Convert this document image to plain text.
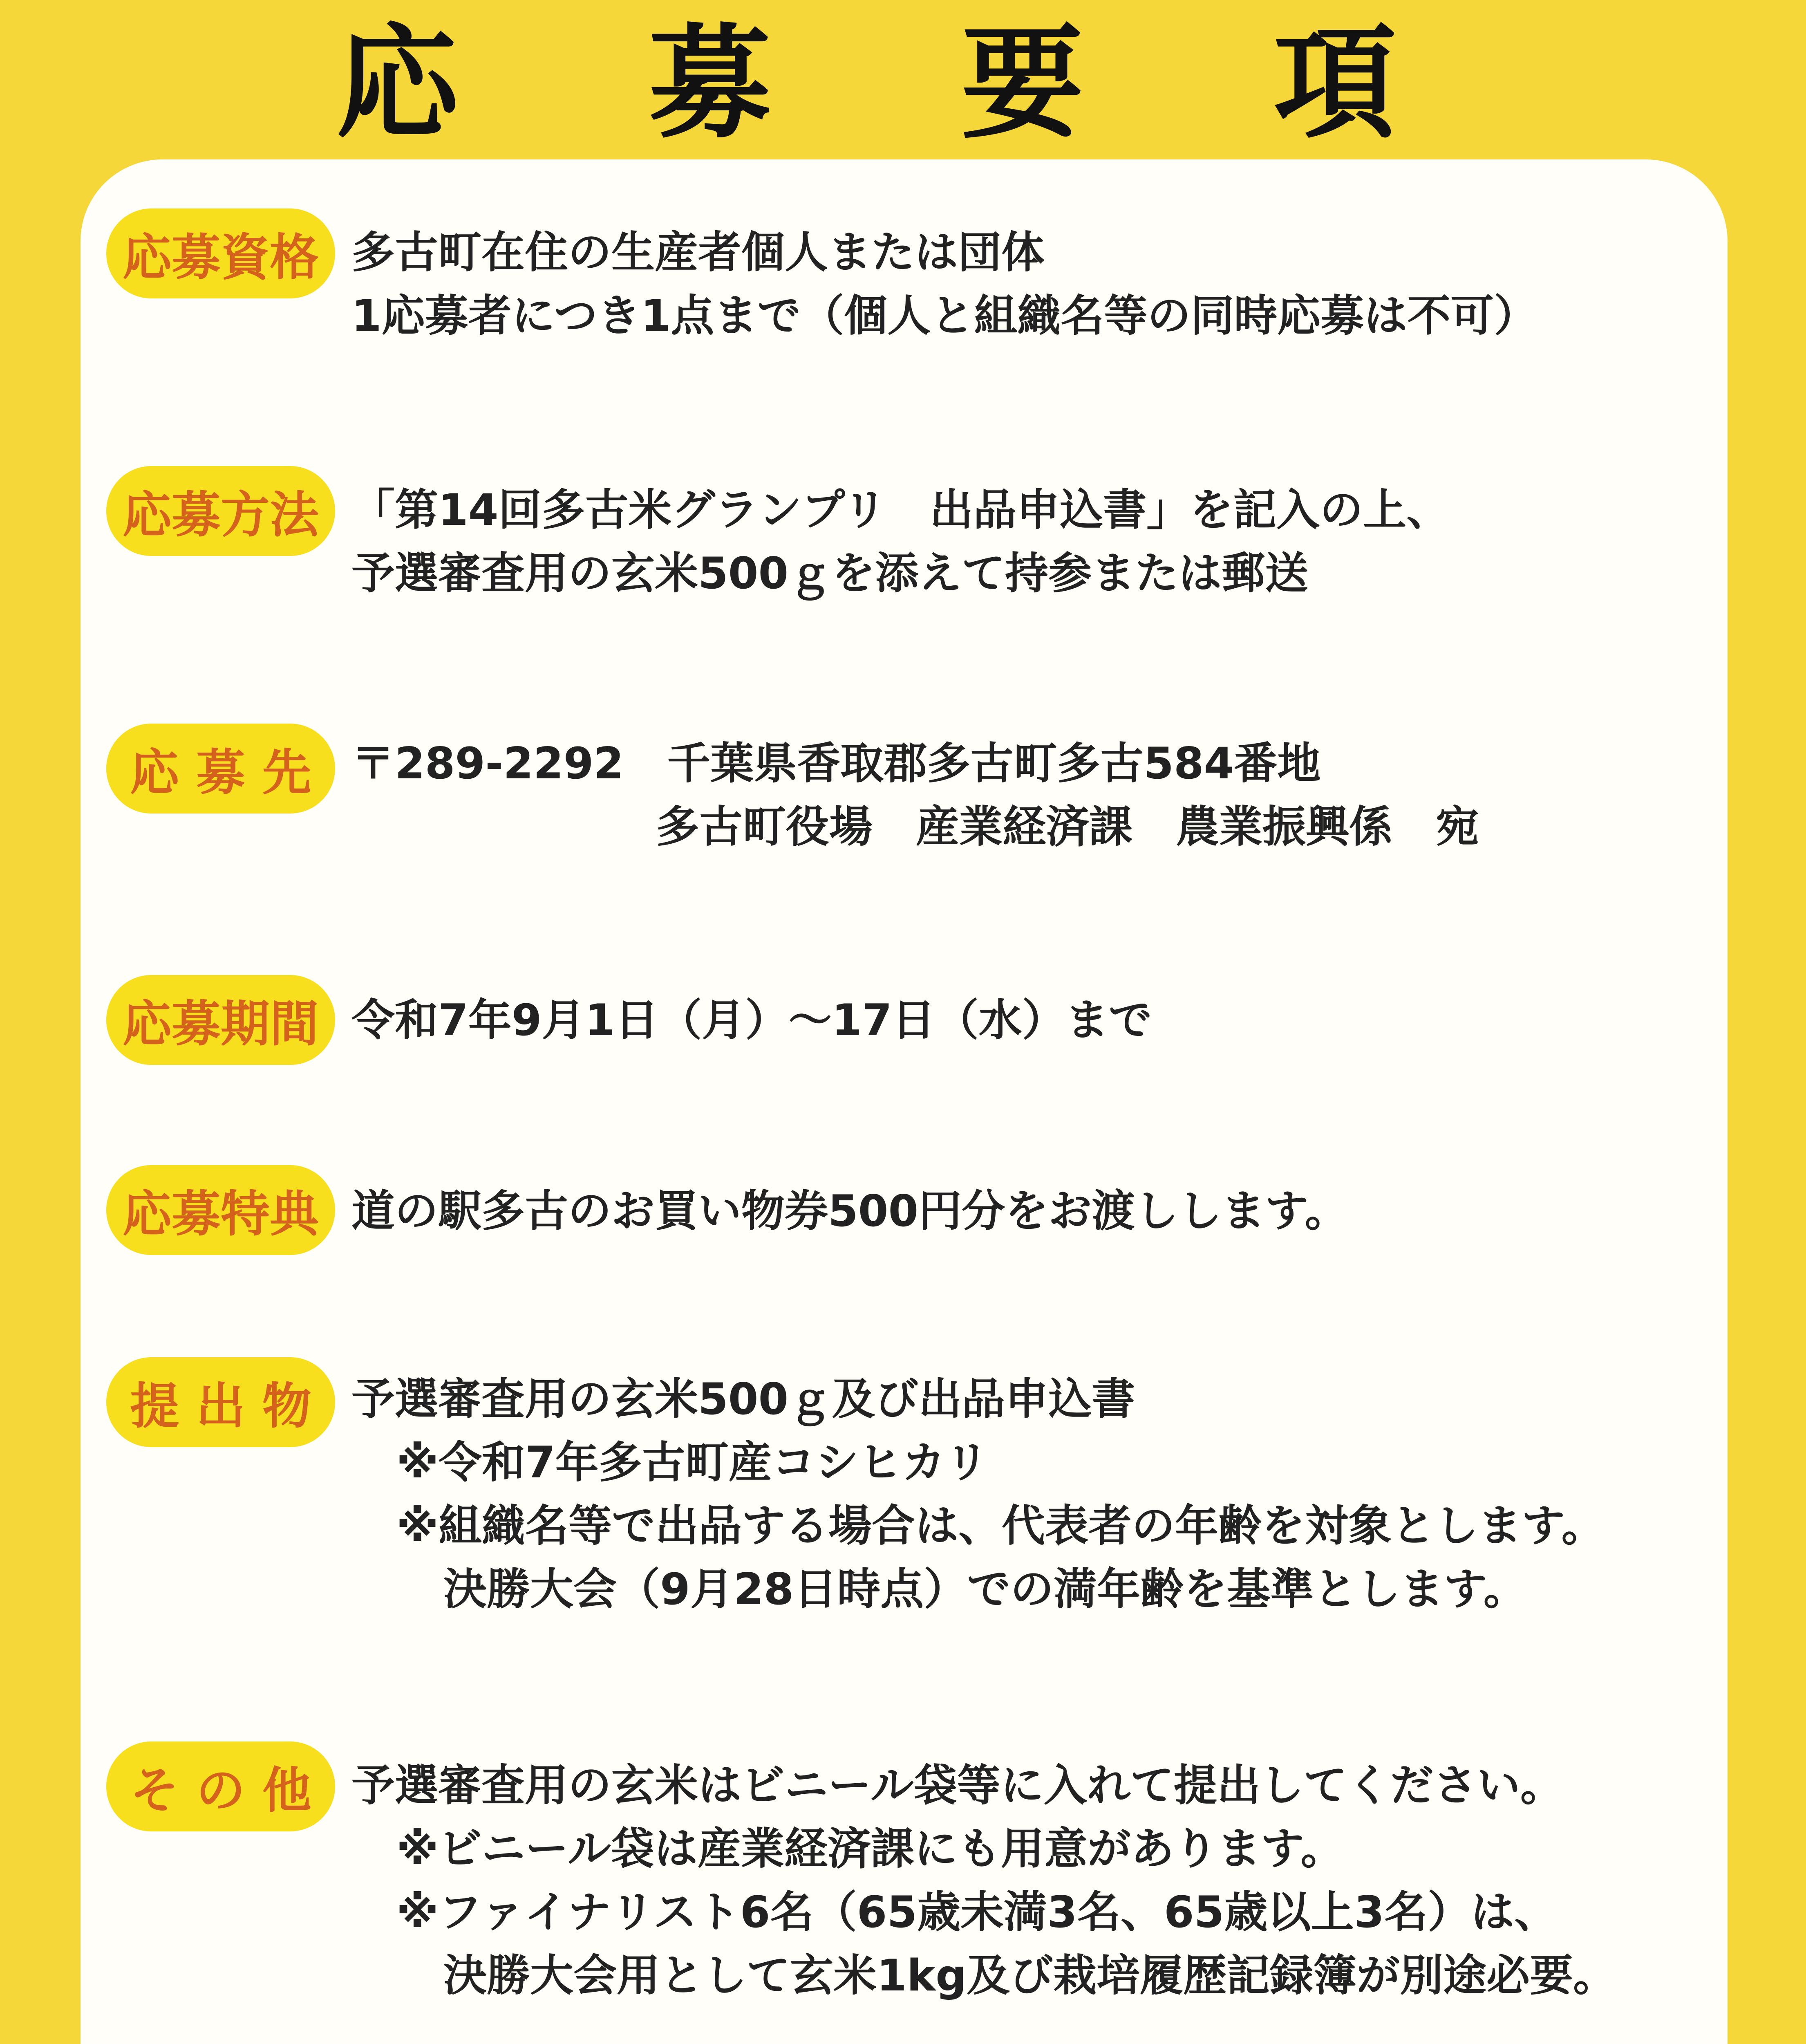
応 募 要 項
応募資格 多古町在住の生産者個人または団体
1応募者につき1点まで（個人と組織名等の同時応募は不可）
応募方法 「第14回多古米グランプリ　出品申込書」を記入の上、
予選審査用の玄米500ｇを添えて持参または郵送
応 募 先 〒289-2292　千葉県香取郡多古町多古584番地
多古町役場　産業経済課　農業振興係　宛
応募期間 令和7年9月1日（月）～17日（水）まで
応募特典 道の駅多古のお買い物券500円分をお渡しします。
提 出 物 予選審査用の玄米500ｇ及び出品申込書
※令和7年多古町産コシヒカリ
※組織名等で出品する場合は、代表者の年齢を対象とします。
決勝大会（9月28日時点）での満年齢を基準とします。
そ の 他 予選審査用の玄米はビニール袋等に入れて提出してください。
※ビニール袋は産業経済課にも用意があります。
※ファイナリスト6名（65歳未満3名、65歳以上3名）は、
決勝大会用として玄米1kg及び栽培履歴記録簿が別途必要。
